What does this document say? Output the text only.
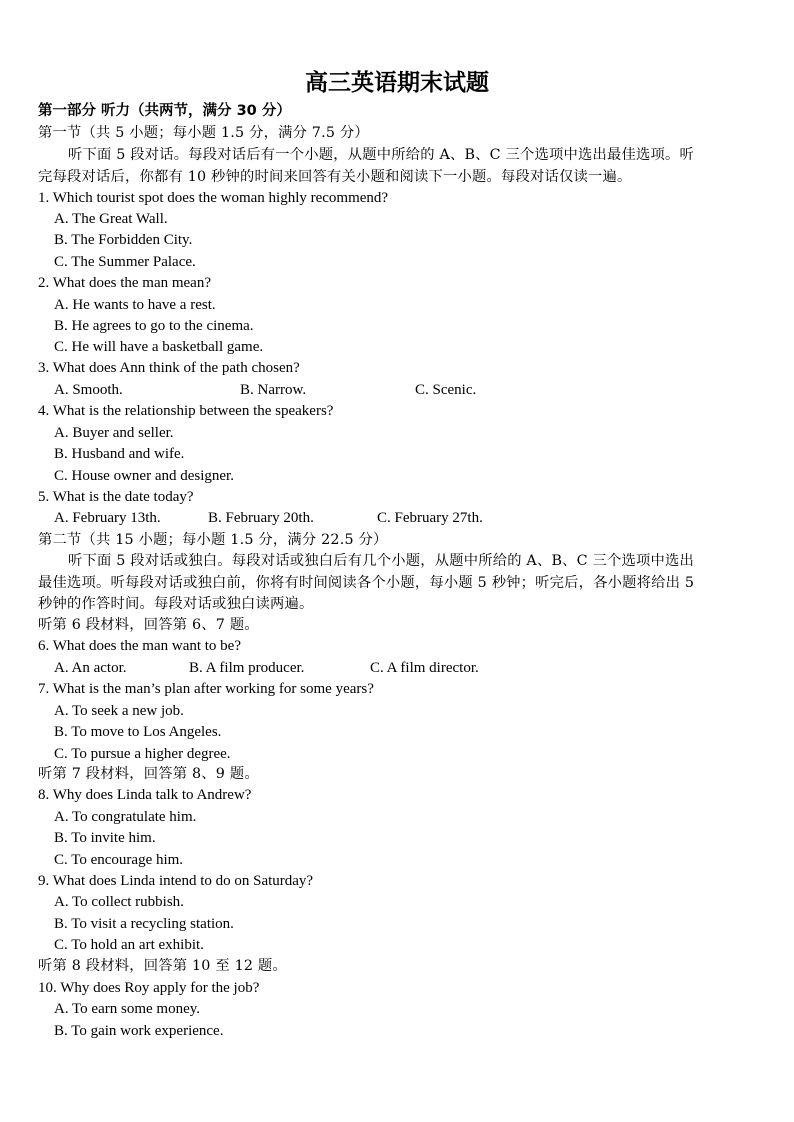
高三英语期末试题
第一部分 听力（共两节，满分 30 分）
第一节（共 5 小题；每小题 1.5 分，满分 7.5 分）
听下面 5 段对话。每段对话后有一个小题，从题中所给的 A、B、C 三个选项中选出最佳选项。听
完每段对话后，你都有 10 秒钟的时间来回答有关小题和阅读下一小题。每段对话仅读一遍。
1. Which tourist spot does the woman highly recommend?
A. The Great Wall.
B. The Forbidden City.
C. The Summer Palace.
2. What does the man mean?
A. He wants to have a rest.
B. He agrees to go to the cinema.
C. He will have a basketball game.
3. What does Ann think of the path chosen?
A. Smooth.	B. Narrow.	C. Scenic.
4. What is the relationship between the speakers?
A. Buyer and seller.
B. Husband and wife.
C. House owner and designer.
5. What is the date today?
A. February 13th.	B. February 20th.	C. February 27th.
第二节（共 15 小题；每小题 1.5 分，满分 22.5 分）
听下面 5 段对话或独白。每段对话或独白后有几个小题，从题中所给的 A、B、C 三个选项中选出
最佳选项。听每段对话或独白前，你将有时间阅读各个小题，每小题 5 秒钟；听完后，各小题将给出 5
秒钟的作答时间。每段对话或独白读两遍。
听第 6 段材料，回答第 6、7 题。
6. What does the man want to be?
A. An actor.	B. A film producer.	C. A film director.
7. What is the man’s plan after working for some years?
A. To seek a new job.
B. To move to Los Angeles.
C. To pursue a higher degree.
听第 7 段材料，回答第 8、9 题。
8. Why does Linda talk to Andrew?
A. To congratulate him.
B. To invite him.
C. To encourage him.
9. What does Linda intend to do on Saturday?
A. To collect rubbish.
B. To visit a recycling station.
C. To hold an art exhibit.
听第 8 段材料，回答第 10 至 12 题。
10. Why does Roy apply for the job?
A. To earn some money.
B. To gain work experience.
